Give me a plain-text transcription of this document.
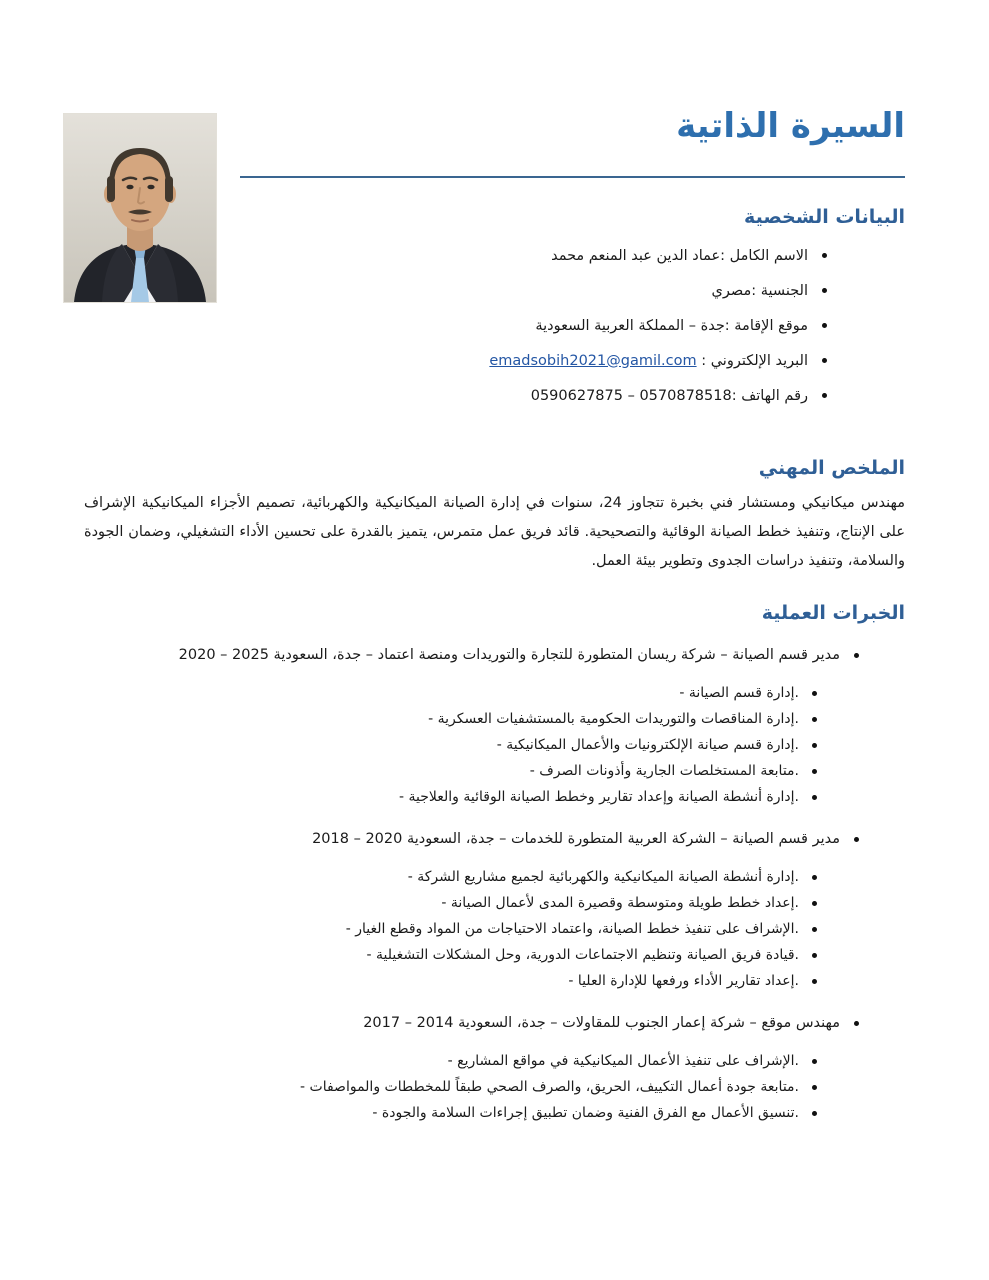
السيرة الذاتية
البيانات الشخصية
الاسم الكامل :عماد الدين عبد المنعم محمد
الجنسية :مصري
موقع الإقامة :جدة – المملكة العربية السعودية
البريد الإلكتروني : emadsobih2021@gamil.com
رقم الهاتف :0570878518 – 0590627875
الملخص المهني

مهندس ميكانيكي ومستشار فني بخبرة تتجاوز 24، سنوات في إدارة الصيانة الميكانيكية والكهربائية، تصميم الأجزاء الميكانيكية الإشراف على الإنتاج، وتنفيذ خطط الصيانة الوقائية والتصحيحية. قائد فريق عمل متمرس، يتميز بالقدرة على تحسين الأداء التشغيلي، وضمان الجودة والسلامة، وتنفيذ دراسات الجدوى وتطوير بيئة العمل.

الخبرات العملية
مدير قسم الصيانة – شركة ريسان المتطورة للتجارة والتوريدات ومنصة اعتماد – جدة، السعودية 2025 – 2020
.إدارة قسم الصيانة -
.إدارة المناقصات والتوريدات الحكومية بالمستشفيات العسكرية -
.إدارة قسم صيانة الإلكترونيات والأعمال الميكانيكية -
.متابعة المستخلصات الجارية وأذونات الصرف -
.إدارة أنشطة الصيانة وإعداد تقارير وخطط الصيانة الوقائية والعلاجية -
مدير قسم الصيانة – الشركة العربية المتطورة للخدمات – جدة، السعودية 2020 – 2018
.إدارة أنشطة الصيانة الميكانيكية والكهربائية لجميع مشاريع الشركة -
.إعداد خطط طويلة ومتوسطة وقصيرة المدى لأعمال الصيانة -
.الإشراف على تنفيذ خطط الصيانة، واعتماد الاحتياجات من المواد وقطع الغيار -
.قيادة فريق الصيانة وتنظيم الاجتماعات الدورية، وحل المشكلات التشغيلية -
.إعداد تقارير الأداء ورفعها للإدارة العليا -
مهندس موقع – شركة إعمار الجنوب للمقاولات – جدة، السعودية 2014 – 2017
.الإشراف على تنفيذ الأعمال الميكانيكية في مواقع المشاريع -
.متابعة جودة أعمال التكييف، الحريق، والصرف الصحي طبقاً للمخططات والمواصفات -
.تنسيق الأعمال مع الفرق الفنية وضمان تطبيق إجراءات السلامة والجودة -
